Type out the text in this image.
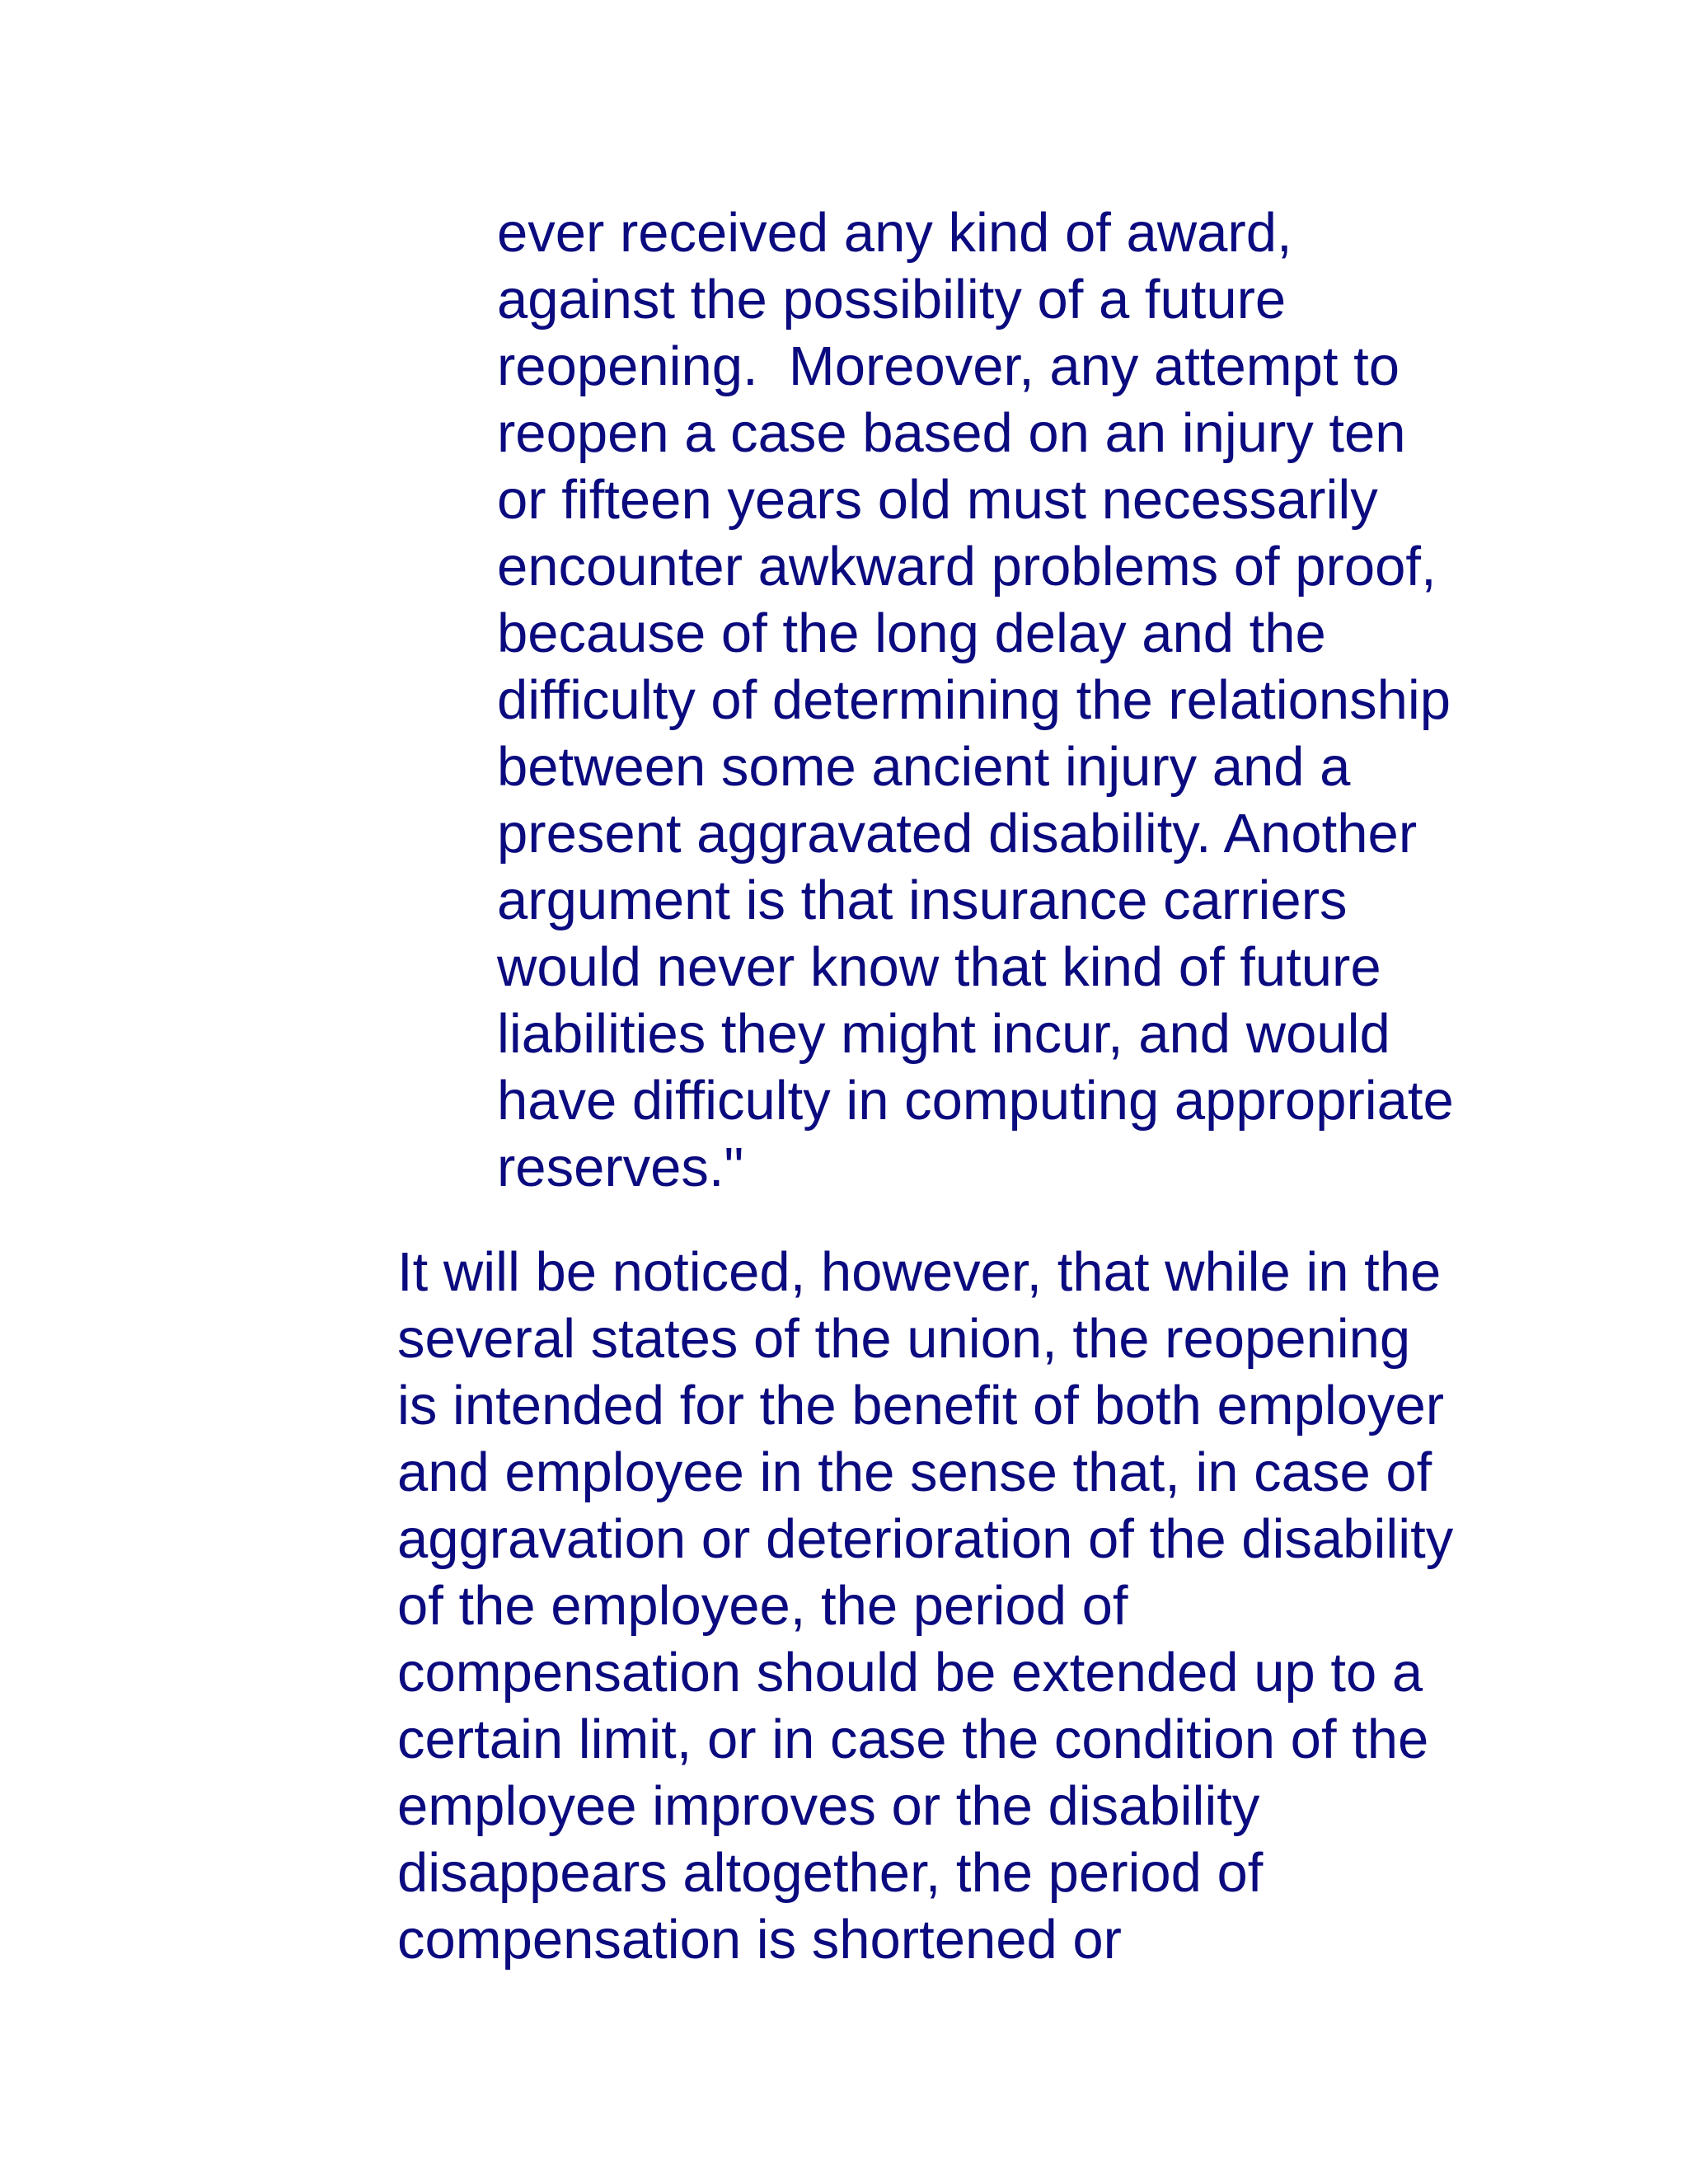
ever received any kind of award,
against the possibility of a future
reopening.  Moreover, any attempt to
reopen a case based on an injury ten
or fifteen years old must necessarily
encounter awkward problems of proof,
because of the long delay and the
difficulty of determining the relationship
between some ancient injury and a
present aggravated disability. Another
argument is that insurance carriers
would never know that kind of future
liabilities they might incur, and would
have difficulty in computing appropriate
reserves."
It will be noticed, however, that while in the
several states of the union, the reopening
is intended for the benefit of both employer
and employee in the sense that, in case of
aggravation or deterioration of the disability
of the employee, the period of
compensation should be extended up to a
certain limit, or in case the condition of the
employee improves or the disability
disappears altogether, the period of
compensation is shortened or
